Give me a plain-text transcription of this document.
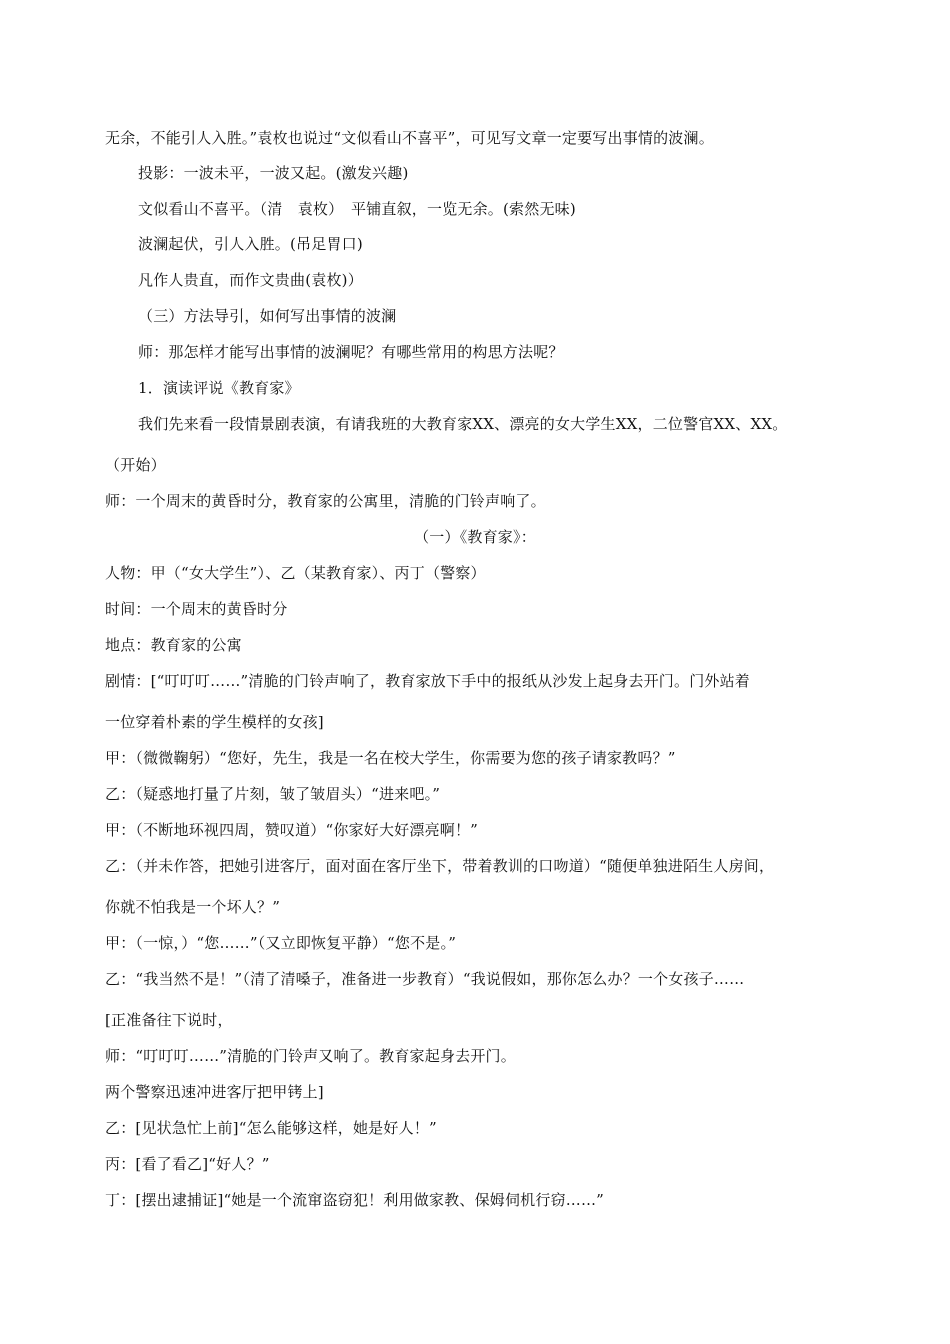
无余，不能引人入胜。”袁枚也说过“文似看山不喜平”，可见写文章一定要写出事情的波澜。
投影：一波未平，一波又起。(激发兴趣)
文似看山不喜平。（清　袁枚）　平铺直叙，一览无余。(索然无味)
波澜起伏，引人入胜。(吊足胃口)
凡作人贵直，而作文贵曲(袁枚)）
（三）方法导引，如何写出事情的波澜
师：那怎样才能写出事情的波澜呢？有哪些常用的构思方法呢？
1．演读评说《教育家》
我们先来看一段情景剧表演，有请我班的大教育家XX、漂亮的女大学生XX，二位警官XX、XX。
（开始）
师：一个周末的黄昏时分，教育家的公寓里，清脆的门铃声响了。
（一）《教育家》：
人物：甲（“女大学生”）、乙（某教育家）、丙丁（警察）
时间：一个周末的黄昏时分
地点：教育家的公寓
剧情：[“叮叮叮……”清脆的门铃声响了，教育家放下手中的报纸从沙发上起身去开门。门外站着
一位穿着朴素的学生模样的女孩]
甲：（微微鞠躬）“您好，先生，我是一名在校大学生，你需要为您的孩子请家教吗？”
乙：（疑惑地打量了片刻，皱了皱眉头）“进来吧。”
甲：（不断地环视四周，赞叹道）“你家好大好漂亮啊！”
乙：（并未作答，把她引进客厅，面对面在客厅坐下，带着教训的口吻道）“随便单独进陌生人房间，
你就不怕我是一个坏人？”
甲：（一惊，）“您……”（又立即恢复平静）“您不是。”
乙：“我当然不是！”（清了清嗓子，准备进一步教育）“我说假如，那你怎么办？一个女孩子……
[正准备往下说时，
师：“叮叮叮……”清脆的门铃声又响了。教育家起身去开门。
两个警察迅速冲进客厅把甲铐上]
乙：[见状急忙上前]“怎么能够这样，她是好人！”
丙：[看了看乙]“好人？”
丁：[摆出逮捕证]“她是一个流窜盗窃犯！利用做家教、保姆伺机行窃……”
